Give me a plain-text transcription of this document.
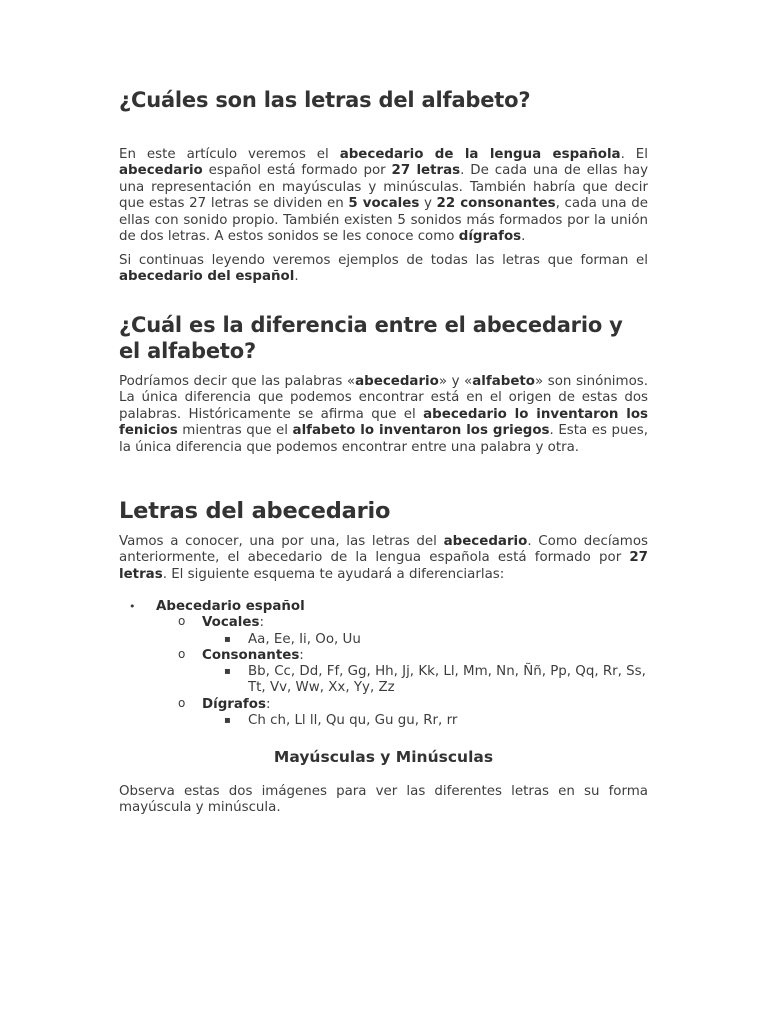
¿Cuáles son las letras del alfabeto?

En este artículo veremos el abecedario de la lengua española. El abecedario español está formado por 27 letras. De cada una de ellas hay una representación en mayúsculas y minúsculas. También habría que decir que estas 27 letras se dividen en 5 vocales y 22 consonantes, cada una de ellas con sonido propio. También existen 5 sonidos más formados por la unión de dos letras. A estos sonidos se les conoce como dígrafos.

Si continuas leyendo veremos ejemplos de todas las letras que forman el abecedario del español.

¿Cuál es la diferencia entre el abecedario y el alfabeto?

Podríamos decir que las palabras «abecedario» y «alfabeto» son sinónimos. La única diferencia que podemos encontrar está en el origen de estas dos palabras. Históricamente se afirma que el abecedario lo inventaron los fenicios mientras que el alfabeto lo inventaron los griegos. Esta es pues, la única diferencia que podemos encontrar entre una palabra y otra.

Letras del abecedario

Vamos a conocer, una por una, las letras del abecedario. Como decíamos anteriormente, el abecedario de la lengua española está formado por 27 letras. El siguiente esquema te ayudará a diferenciarlas:

• Abecedario español
o Vocales:
▪ Aa, Ee, Ii, Oo, Uu
o Consonantes:
▪ Bb, Cc, Dd, Ff, Gg, Hh, Jj, Kk, Ll, Mm, Nn, Ññ, Pp, Qq, Rr, Ss, Tt, Vv, Ww, Xx, Yy, Zz
o Dígrafos:
▪ Ch ch, Ll ll, Qu qu, Gu gu, Rr, rr
Mayúsculas y Minúsculas

Observa estas dos imágenes para ver las diferentes letras en su forma mayúscula y minúscula.
